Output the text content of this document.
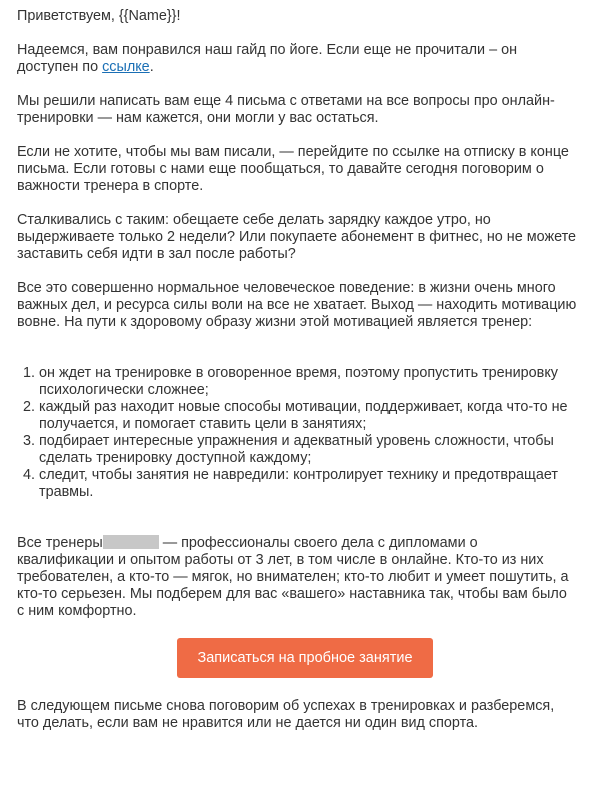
Приветствуем, {{Name}}!

Надеемся, вам понравился наш гайд по йоге. Если еще не прочитали – он доступен по ссылке.

Мы решили написать вам еще 4 письма с ответами на все вопросы про онлайн-тренировки — нам кажется, они могли у вас остаться.

Если не хотите, чтобы мы вам писали, — перейдите по ссылке на отписку в конце письма. Если готовы с нами еще пообщаться, то давайте сегодня поговорим о важности тренера в спорте.

Сталкивались с таким: обещаете себе делать зарядку каждое утро, но выдерживаете только 2 недели? Или покупаете абонемент в фитнес, но не можете заставить себя идти в зал после работы?

Все это совершенно нормальное человеческое поведение: в жизни очень много важных дел, и ресурса силы воли на все не хватает. Выход — находить мотивацию вовне. На пути к здоровому образу жизни этой мотивацией является тренер:

1. он ждет на тренировке в оговоренное время, поэтому пропустить тренировку психологически сложнее;
2. каждый раз находит новые способы мотивации, поддерживает, когда что-то не получается, и помогает ставить цели в занятиях;
3. подбирает интересные упражнения и адекватный уровень сложности, чтобы сделать тренировку доступной каждому;
4. следит, чтобы занятия не навредили: контролирует технику и предотвращает травмы.

Все тренеры	— профессионалы своего дела с дипломами о квалификации и опытом работы от 3 лет, в том числе в онлайне. Кто-то из них требователен, а кто-то — мягок, но внимателен; кто-то любит и умеет пошутить, а кто-то серьезен. Мы подберем для вас «вашего» наставника так, чтобы вам было с ним комфортно.

Записаться на пробное занятие

В следующем письме снова поговорим об успехах в тренировках и разберемся, что делать, если вам не нравится или не дается ни один вид спорта.
